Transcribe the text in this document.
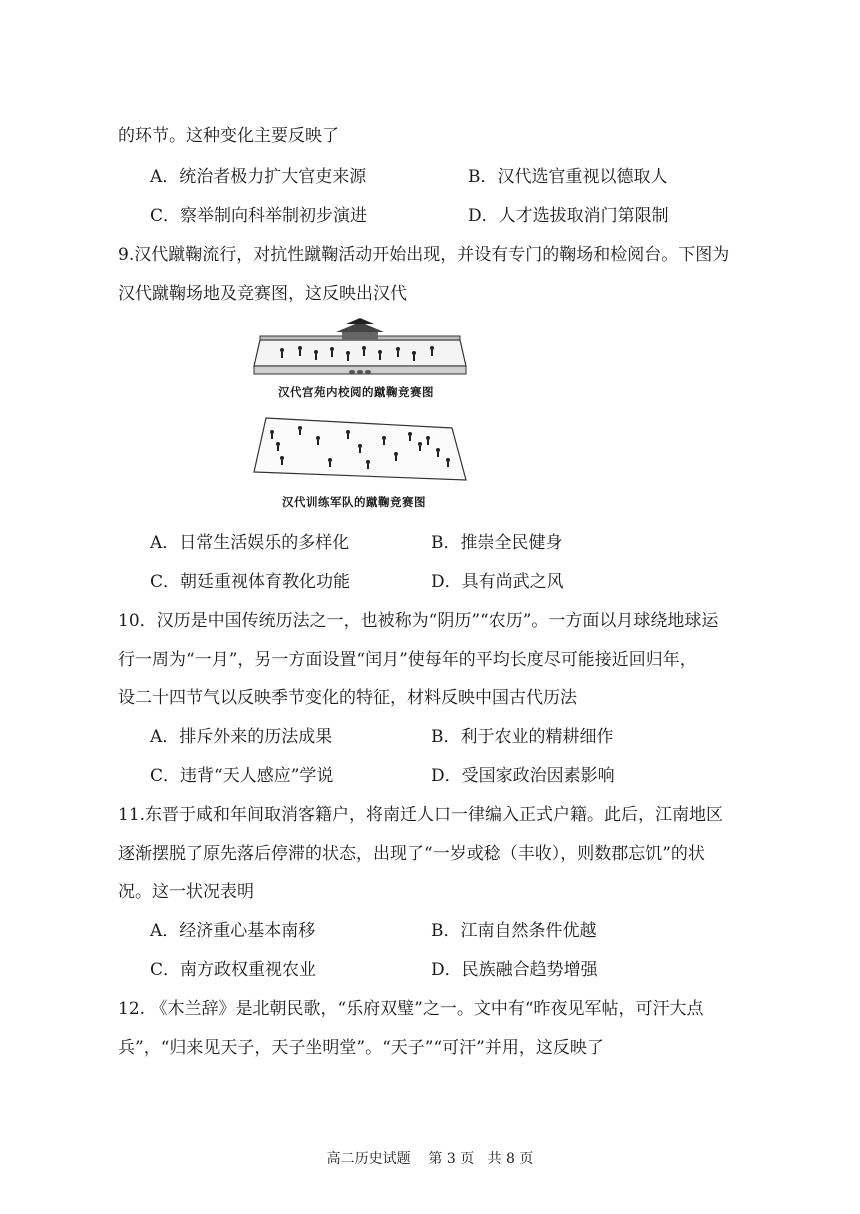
的环节。这种变化主要反映了
A．统治者极力扩大官吏来源	B．汉代选官重视以德取人
C．察举制向科举制初步演进	D．人才选拔取消门第限制
9.汉代蹴鞠流行，对抗性蹴鞠活动开始出现，并设有专门的鞠场和检阅台。下图为
汉代蹴鞠场地及竞赛图，这反映出汉代
汉代宫苑内校阅的蹴鞠竞赛图
汉代训练军队的蹴鞠竞赛图
A．日常生活娱乐的多样化	B．推崇全民健身
C．朝廷重视体育教化功能	D．具有尚武之风
10．汉历是中国传统历法之一，也被称为“阴历”“农历”。一方面以月球绕地球运
行一周为“一月”，另一方面设置“闰月”使每年的平均长度尽可能接近回归年，
设二十四节气以反映季节变化的特征，材料反映中国古代历法
A．排斥外来的历法成果	B．利于农业的精耕细作
C．违背“天人感应”学说	D．受国家政治因素影响
11.东晋于咸和年间取消客籍户，将南迁人口一律编入正式户籍。此后，江南地区
逐渐摆脱了原先落后停滞的状态，出现了“一岁或稔（丰收），则数郡忘饥”的状
况。这一状况表明
A．经济重心基本南移	B．江南自然条件优越
C．南方政权重视农业	D．民族融合趋势增强
12. 《木兰辞》是北朝民歌，“乐府双璧”之一。文中有“昨夜见军帖，可汗大点
兵”，“归来见天子，天子坐明堂”。“天子”“可汗”并用，这反映了
高二历史试题    第 3 页   共 8 页
